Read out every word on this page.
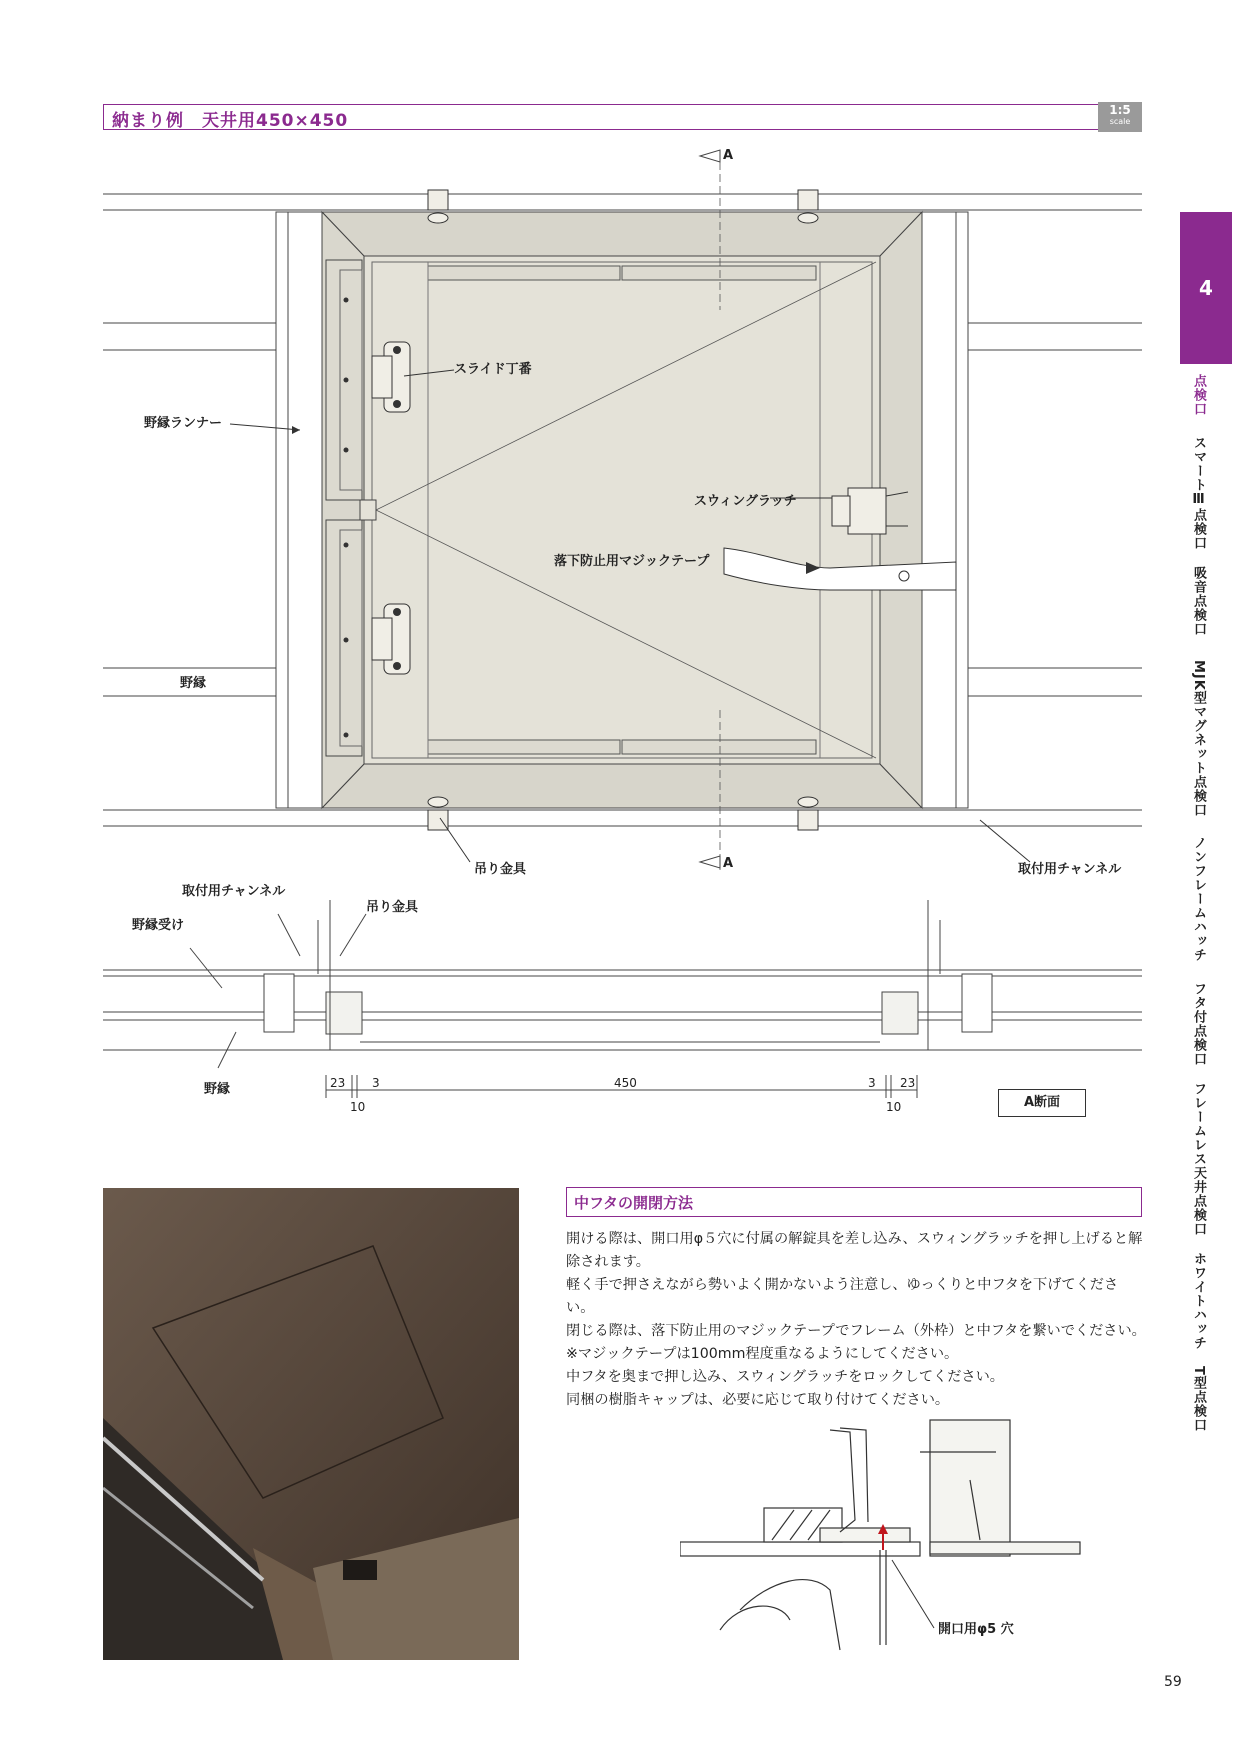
納まり例　天井用450×450
1:5
scale
4
点検口
スマートⅢ点検口
吸音点検口
MJK型マグネット点検口
ノンフレームハッチ
フタ付点検口
フレームレス天井点検口
ホワイトハッチ
T型点検口
A
A
スライド丁番
野縁ランナー
スウィングラッチ
落下防止用マジックテープ
野縁
吊り金具	取付用チャンネル
取付用チャンネル
吊り金具
野縁受け
野縁	23 3	450	3 23
10	10	A断面
中フタの開閉方法

開ける際は、開口用φ５穴に付属の解錠具を差し込み、スウィングラッチを押し上げると解除されます。

軽く手で押さえながら勢いよく開かないよう注意し、ゆっくりと中フタを下げてください。

閉じる際は、落下防止用のマジックテープでフレーム（外枠）と中フタを繋いでください。

※マジックテープは100mm程度重なるようにしてください。

中フタを奥まで押し込み、スウィングラッチをロックしてください。

同梱の樹脂キャップは、必要に応じて取り付けてください。

開口用φ5 穴
59
